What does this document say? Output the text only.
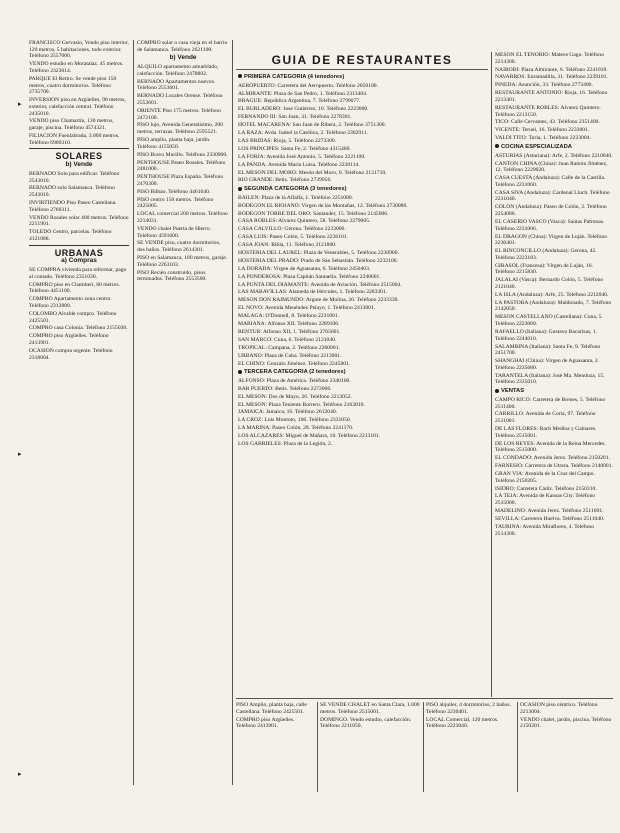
FRANCISCO Gervasio, Vendo piso interior, 120 metros, 5 habitaciones, todo exterior. Teléfono 2557000.

VENDO estudio en Moratalaz. 45 metros. Teléfono 2323014.

PARQUE El Retiro. Se vende piso 150 metros, cuatro dormitorios. Teléfono 2735700.

INVERSION piso en Argüelles, 90 metros, exterior, calefacción central. Teléfono 2435010.

VENDO piso Chamartín, 130 metros, garaje, piscina. Teléfono 4574321.

FILIACION Fuenlabrada, 3.000 metros. Teléfono 6900310.

SOLARES
b) Vende

BERNADO Solo para edificar. Teléfono 2543010.

BERNADO solo Salamanca. Teléfono 2543010.

INVIRTIENDO Piso Paseo Castellana. Teléfono 2760311.

VENDO Rosales solar 400 metros. Teléfono 2251901.

TOLEDO Centro, parcelas. Teléfono 4121088.

URBANAS
a) Compras

SE COMPRA vivienda para reformar, pago al contado. Teléfono 2351030.

COMPRO piso en Chamberí, 80 metros. Teléfono 4451100.

COMPRO Apartamento zona centro. Teléfono 2312800.

COLOMBO Alcalde compro. Teléfono 2425501.

COMPRO casa Colonia. Teléfono 2155030.

COMPRO piso Argüelles. Teléfono 2413901.

OCASION compra urgente. Teléfono 2318004.

COMPRO solar o casa vieja en el barrio de Salamanca. Teléfono 2621100.

b) Vende

ALQUILO apartamento amueblado, calefacción. Teléfono 2478802.

BERNADO Apartamentos nuevos. Teléfono 2553601.

BERNADO Locales Orense. Teléfono 2553601.

ORIENTE Piso 175 metros. Teléfono 2472100.

PISO lujo, Avenida Generalísimo, 200 metros, terrazas. Teléfono 2595521.

PISO amplio, planta baja, jardín. Teléfono 4155050.

PISO Bravo Murillo. Teléfono 2330900.

PENTHOUSE Paseo Rosales. Teléfono 2481000.

PENTHOUSE Plaza España. Teléfono 2470300.

PISO Bilbao. Teléfono 4461040.

PISO centro 150 metros. Teléfono 2425005.

LOCAL comercial 200 metros. Teléfono 2214031.

VENDO chalet Puerta de Hierro. Teléfono 4591600.

SE VENDE piso, cuatro dormitorios, dos baños. Teléfono 2614301.

PISO en Salamanca, 180 metros, garaje. Teléfono 2263103.

PISO Recién construido, pisos terminados. Teléfono 2553500.

GUIA DE RESTAURANTES
PRIMERA CATEGORIA (4 tenedores)

AEROPUERTO: Carretera del Aeropuerto. Teléfono 2050100.

ALMIRANTE: Plaza de San Pedro, 1. Teléfono 2313404.

BRAGUE: República Argentina, 7. Teléfono 2799077.

EL BURLADERO: José Gutiérrez, 10. Teléfono 2223000.

FERNANDO III: San Juan, 31. Teléfono 2278301.

HOTEL MACARENA: San Juan de Ribera, 2. Teléfono 3751300.

LA RAZA: Avda. Isabel la Católica, 2. Teléfono 2382911.

LAS BRIDAS: Rioja, 5. Teléfono 2273300.

LOS PRINCIPES: Santa Fe, 2. Teléfono 4315400.

LA FORJA: Avenida José Antonio, 5. Teléfono 2221100.

LA PANDA: Avenida María Luisa. Teléfono 2230114.

EL MESON DEL MORO: Mesón del Moro, 6. Teléfono 2131710.

RIO GRANDE: Betis. Teléfono 2739956.

SEGUNDA CATEGORIA (3 tenedores)

BAILEN: Plaza de la Alfalfa, 1. Teléfono 2251080.

BODEGON EL RIOJANO: Virgen de las Montañas, 12. Teléfono 2730080.

BODEGON TORRE DEL ORO: Santander, 15. Teléfono 2145006.

CASA ROBLES: Alvarez Quintero, 58. Teléfono 2279005.

CASA CALVILLO: Gerona. Teléfono 2233006.

CASA LUIS: Paseo Colón, 5. Teléfono 2236101.

CASA JOAN: Ribla, 11. Teléfono 2121800.

HOSTERIA DEL LAUREL: Plaza de Venerables, 5. Teléfono 2230900.

HOSTERIA DEL PRADO: Prado de San Sebastián. Teléfono 2232100.

LA DORADA: Virgen de Aguasanta, 6. Teléfono 2450403.

LA PONDEROSA: Plaza Capitán Santaella. Teléfono 2240601.

LA PUNTA DEL DIAMANTE: Avenida de Aviación. Teléfono 2515004.

LAS MARAVILLAS: Alameda de Hércules, 1. Teléfono 2283301.

MESON DON RAIMUNDO: Argote de Molina, 26. Teléfono 2233330.

EL NOVO: Avenida Menéndez Pelayo, 1. Teléfono 2413001.

MALAGA: O'Donnell, 8. Teléfono 2231001.

MARIANA: Alfonso XII. Teléfono 2289106.

RENTUR: Alfonso XII, 1. Teléfono 2765601.

SAN MARCO: Cuna, 6. Teléfono 2121040.

TROPICAL: Campana, 2. Teléfono 2260001.

URBANO: Plaza de Cuba. Teléfono 2213001.

EL CHINO: Gonzalo Jiménez. Teléfono 2245001.

TERCERA CATEGORIA (2 tenedores)

ALFONSO: Plaza de América. Teléfono 2340100.

BAR PUERTO: Betis. Teléfono 2272066.

EL MESON: Dos de Mayo, 26. Teléfono 2213052.

EL MESON: Plaza Teniente Borrero. Teléfono 2163010.

JAMAICA: Jamaica, 16. Teléfono 2612040.

LA CROZ: Luis Montoto, 106. Teléfono 2331050.

LA MARINA: Paseo Colón, 28. Teléfono 2241170.

LOS ALCAZARES: Miguel de Mañara, 10. Teléfono 2213101.

LOS GABRIELES: Plaza de la Legión, 2.

MESON EL TENORIO: Mateos Gago. Teléfono 2214300.

NAIROBI: Plaza Almirante, 6. Teléfono 2241018.

NAVARROS: Enramadilla, 31. Teléfono 2239101.

PINEDA: Asunción, 33. Teléfono 2773400.

RESTAURANTE ANTONIO: Rioja, 16. Teléfono 2213401.

RESTAURANTE ROBLES: Alvarez Quintero. Teléfono 2213150.

TICO: Calle Cervantes, 43. Teléfono 2351400.

VICENTE: Teruel, 16. Teléfono 2233001.

VALDI TITO: Turia, 1. Teléfono 2223004.

COCINA ESPECIALIZADA

ASTURIAS (Asturiana): Arfe, 2. Teléfono 2210040.

CANTON CHINA (China): Juan Ramón Jiménez, 12. Teléfono 2229020.

CASA CUESTA (Andaluza): Calle de la Castilla. Teléfono 2231060.

CASA SIVA (Andaluza): Cardenal Lluch. Teléfono 2231040.

COLON (Andaluza): Paseo de Colón, 2. Teléfono 2254080.

EL CASERIO VASCO (Vasca): Santas Patronas. Teléfono 2231006.

EL DRAGON (China): Virgen de Luján. Teléfono 2230401.

EL RINCONCILLO (Andaluza): Gerona, 42. Teléfono 2223183.

GIRASOL (Francesa): Virgen de Luján, 16. Teléfono 2215830.

JALALAI (Vasca): Bernardo Colón, 5. Teléfono 2121040.

LA ISLA (Andaluza): Arfe, 25. Teléfono 2212040.

LA PASTORA (Andaluza): Maldonado, 7. Teléfono 2142050.

MESON CASTELLANO (Castellana): Cuna, 5. Teléfono 2223060.

RAFAELLO (Italiana): Gustavo Bacarisas, 1. Teléfono 2244010.

SALAMBINA (Italiana): Santa Fe, 9. Teléfono 2451700.

SHANGHAI (China): Virgen de Aguasanta, 2. Teléfono 2235680.

TARANTELA (Italiana): José Ma. Mendoza, 15. Teléfono 2335010.

VENTAS

CAMPO RICO: Carretera de Brenes, 5. Teléfono 2511400.

CARRILLO: Avenida de Coria, 97. Teléfono 2511001.

DE LAS FLORES: Bach Medina y Galnares. Teléfono 2515001.

DE LOS REYES: Avenida de la Reina Mercedes. Teléfono 2515000.

EL CONDADO: Avenida Jerez. Teléfono 2150201.

FARNESIO: Carretera de Utrera. Teléfono 2140001.

GRAN VIA: Avenida de la Cruz del Campo. Teléfono 2150205.

ISIDRO: Carretera Cádiz. Teléfono 2150310.

LA TEJA: Avenida de Kansas City. Teléfono 2515000.

MADELINO: Avenida Jerez. Teléfono 2511001.

SEVILLA: Carretera Huelva. Teléfono 2511040.

TAURINA: Avenida Miraflores, 4. Teléfono 2514300.

PISO Amplio, planta baja, calle Castellana. Teléfono 2425501.

COMPRO piso Argüelles. Teléfono 2413901.

SE VENDE CHALET en Santa Clara, 1.000 metros. Teléfono 2515001.

DOMINGO. Vendo estudio, calefacción. Teléfono 2211050.

PISO alquiler, 4 dormitorios, 2 baños. Teléfono 2230401.

LOCAL Comercial, 120 metros. Teléfono 2223040.

OCASION piso céntrico. Teléfono 2213004.

VENDO chalet, jardín, piscina. Teléfono 2150201.

▸
▸
▸
